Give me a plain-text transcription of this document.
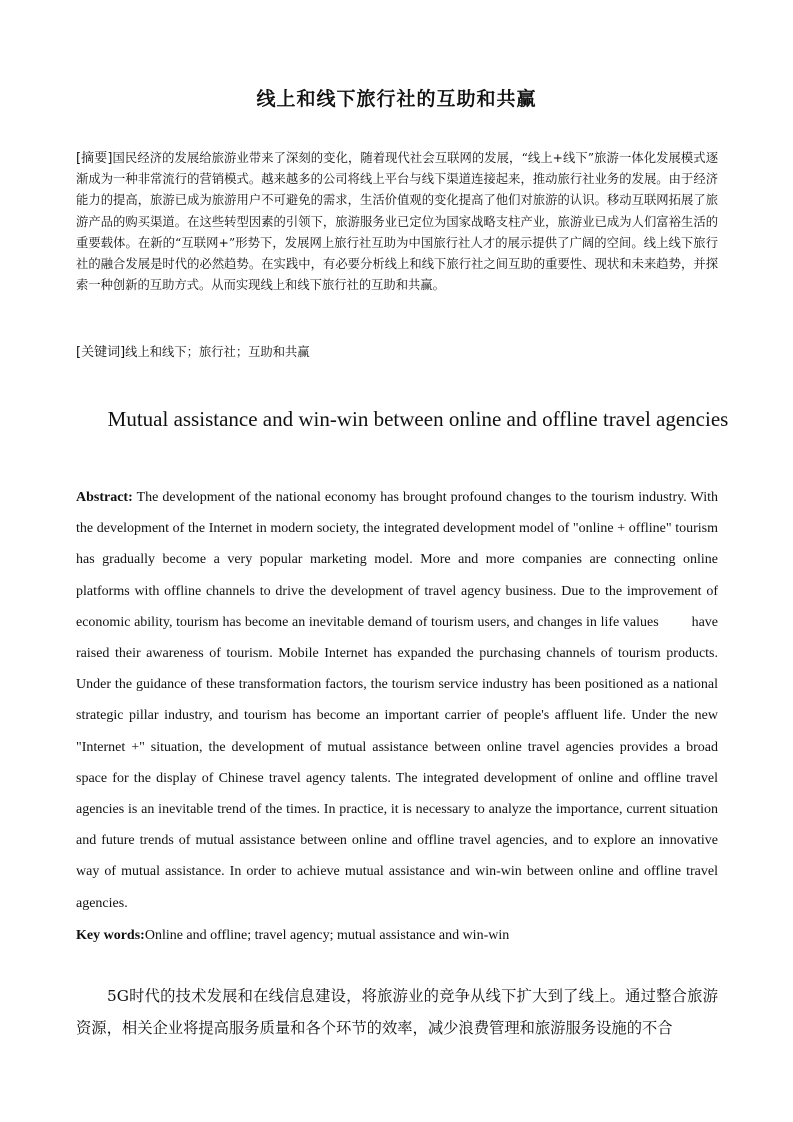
线上和线下旅行社的互助和共赢

[摘要]国民经济的发展给旅游业带来了深刻的变化，随着现代社会互联网的发展，“线上+线下”旅游一体化发展模式逐渐成为一种非常流行的营销模式。越来越多的公司将线上平台与线下渠道连接起来，推动旅行社业务的发展。由于经济能力的提高，旅游已成为旅游用户不可避免的需求，生活价值观的变化提高了他们对旅游的认识。移动互联网拓展了旅游产品的购买渠道。在这些转型因素的引领下，旅游服务业已定位为国家战略支柱产业，旅游业已成为人们富裕生活的重要载体。在新的“互联网+”形势下，发展网上旅行社互助为中国旅行社人才的展示提供了广阔的空间。线上线下旅行社的融合发展是时代的必然趋势。在实践中，有必要分析线上和线下旅行社之间互助的重要性、现状和未来趋势，并探索一种创新的互助方式。从而实现线上和线下旅行社的互助和共赢。

[关键词]线上和线下；旅行社；互助和共赢

Mutual assistance and win-win between online and offline travel agencies

Abstract: The development of the national economy has brought profound changes to the tourism industry. With the development of the Internet in modern society, the integrated development model of "online + offline" tourism has gradually become a very popular marketing model. More and more companies are connecting online platforms with offline channels to drive the development of travel agency business. Due to the improvement of economic ability, tourism has become an inevitable demand of tourism users, and changes in life values         have raised their awareness of tourism. Mobile Internet has expanded the purchasing channels of tourism products. Under the guidance of these transformation factors, the tourism service industry has been positioned as a national strategic pillar industry, and tourism has become an important carrier of people's affluent life. Under the new "Internet +" situation, the development of mutual assistance between online travel agencies provides a broad space for the display of Chinese travel agency talents. The integrated development of online and offline travel agencies is an inevitable trend of the times. In practice, it is necessary to analyze the importance, current situation and future trends of mutual assistance between online and offline travel agencies, and to explore an innovative way of mutual assistance. In order to achieve mutual assistance and win-win between online and offline travel agencies.

Key words:Online and offline; travel agency; mutual assistance and win-win

5G时代的技术发展和在线信息建设，将旅游业的竞争从线下扩大到了线上。通过整合旅游资源，相关企业将提高服务质量和各个环节的效率，减少浪费管理和旅游服务设施的不合
